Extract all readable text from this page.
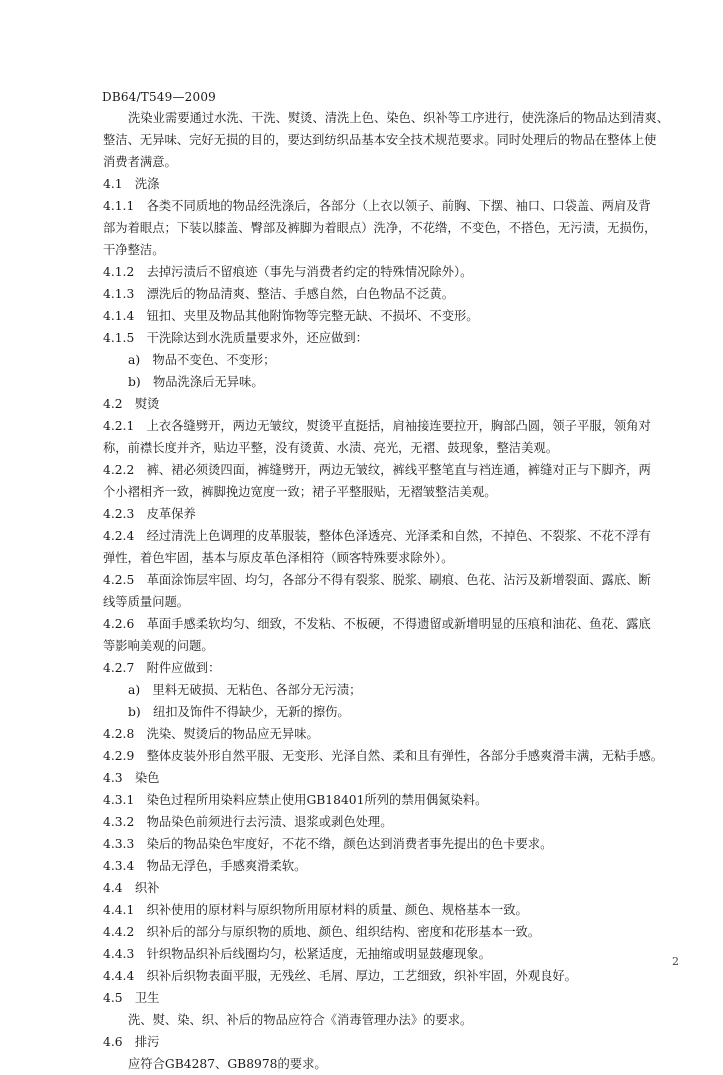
DB64/T549—2009
洗染业需要通过水洗、干洗、熨烫、清洗上色、染色、织补等工序进行，使洗涤后的物品达到清爽、
整洁、无异味、完好无损的目的，要达到纺织品基本安全技术规范要求。同时处理后的物品在整体上使
消费者满意。
4.1　洗涤
4.1.1　各类不同质地的物品经洗涤后，各部分（上衣以领子、前胸、下摆、袖口、口袋盖、两肩及背
部为着眼点；下装以膝盖、臀部及裤脚为着眼点）洗净，不花绺，不变色，不搭色，无污渍，无损伤，
干净整洁。
4.1.2　去掉污渍后不留痕迹（事先与消费者约定的特殊情况除外）。
4.1.3　漂洗后的物品清爽、整洁、手感自然，白色物品不泛黄。
4.1.4　钮扣、夹里及物品其他附饰物等完整无缺、不损坏、不变形。
4.1.5　干洗除达到水洗质量要求外，还应做到：
a)　物品不变色、不变形；
b)　物品洗涤后无异味。
4.2　熨烫
4.2.1　上衣各缝劈开，两边无皱纹，熨烫平直挺括，肩袖接连要拉开，胸部凸圆，领子平服，领角对
称，前襟长度并齐，贴边平整，没有烫黄、水渍、亮光，无褶、鼓现象，整洁美观。
4.2.2　裤、裙必须烫四面，裤缝劈开，两边无皱纹，裤线平整笔直与裆连通，裤缝对正与下脚齐，两
个小褶相齐一致，裤脚挽边宽度一致；裙子平整服贴，无褶皱整洁美观。
4.2.3　皮革保养
4.2.4　经过清洗上色调理的皮革服装，整体色泽透亮、光泽柔和自然，不掉色、不裂浆、不花不浮有
弹性，着色牢固，基本与原皮革色泽相符（顾客特殊要求除外）。
4.2.5　革面涂饰层牢固、均匀，各部分不得有裂浆、脱浆、刷痕、色花、沾污及新增裂面、露底、断
线等质量问题。
4.2.6　革面手感柔软均匀、细致，不发粘、不板硬，不得遗留或新增明显的压痕和油花、鱼花、露底
等影响美观的问题。
4.2.7　附件应做到：
a)　里料无破损、无粘色、各部分无污渍；
b)　纽扣及饰件不得缺少，无新的擦伤。
4.2.8　洗染、熨烫后的物品应无异味。
4.2.9　整体皮装外形自然平服、无变形、光泽自然、柔和且有弹性，各部分手感爽滑丰满，无粘手感。
4.3　染色
4.3.1　染色过程所用染料应禁止使用GB18401所列的禁用偶氮染料。
4.3.2　物品染色前须进行去污渍、退浆或剥色处理。
4.3.3　染后的物品染色牢度好，不花不绺，颜色达到消费者事先提出的色卡要求。
4.3.4　物品无浮色，手感爽滑柔软。
4.4　织补
4.4.1　织补使用的原材料与原织物所用原材料的质量、颜色、规格基本一致。
4.4.2　织补后的部分与原织物的质地、颜色、组织结构、密度和花形基本一致。
4.4.3　针织物品织补后线圈均匀，松紧适度，无抽缩或明显鼓瘪现象。
4.4.4　织补后织物表面平服，无残丝、毛屑、厚边，工艺细致，织补牢固，外观良好。
4.5　卫生
洗、熨、染、织、补后的物品应符合《消毒管理办法》的要求。
4.6　排污
应符合GB4287、GB8978的要求。
2
